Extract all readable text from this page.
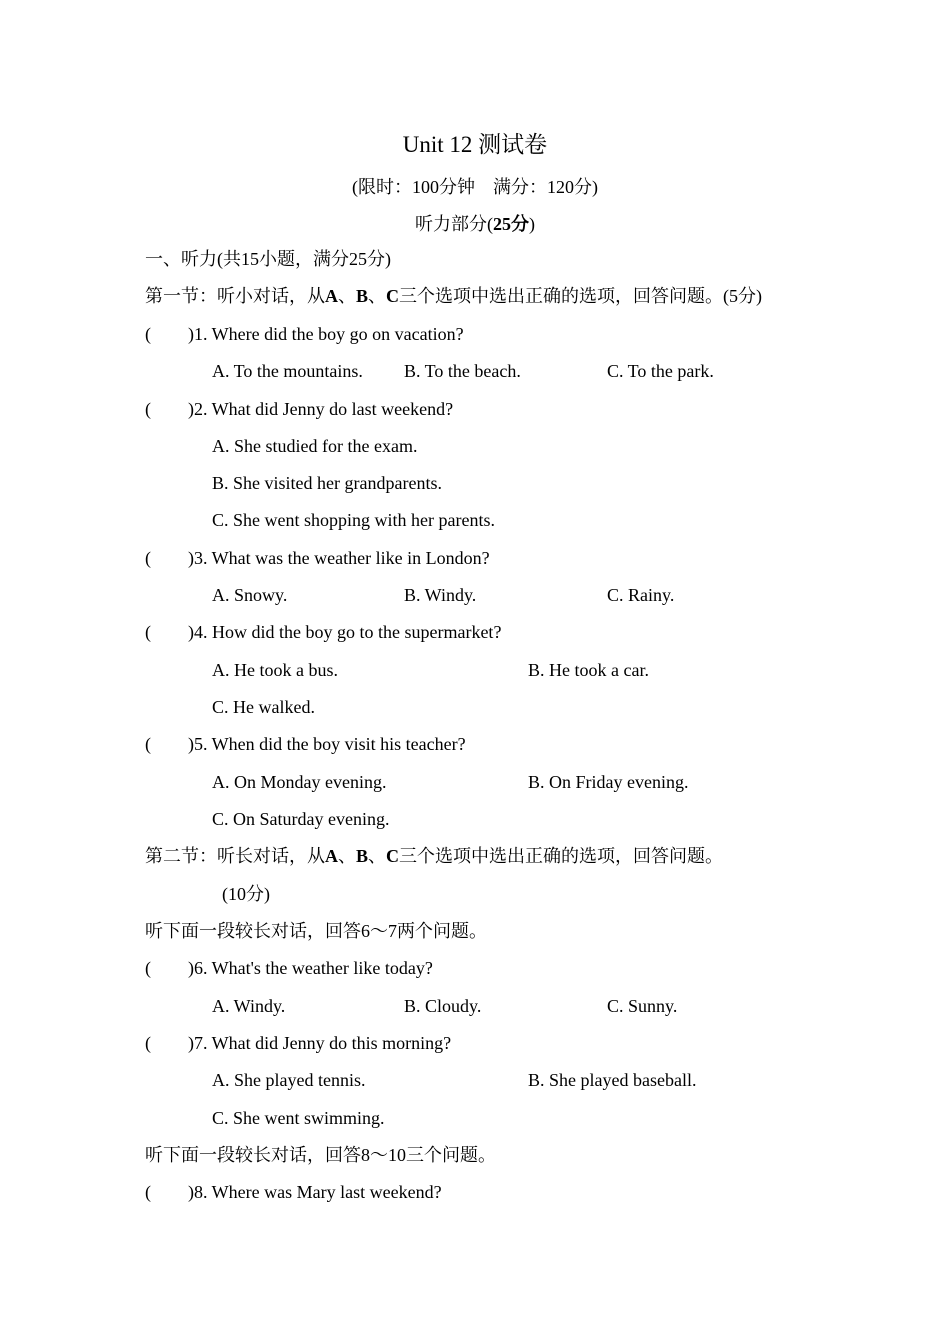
Unit 12 测试卷
(限时：100分钟　满分：120分)
听力部分(25分)
一、听力(共15小题，满分25分)
第一节：听小对话，从A、B、C三个选项中选出正确的选项，回答问题。(5分)
( )1. Where did the boy go on vacation?
A. To the mountains. B. To the beach.	C. To the park.
( )2. What did Jenny do last weekend?
A. She studied for the exam.
B. She visited her grandparents.
C. She went shopping with her parents.
( )3. What was the weather like in London?
A. Snowy.	B. Windy.	C. Rainy.
( )4. How did the boy go to the supermarket?
A. He took a bus.	B. He took a car.
C. He walked.
( )5. When did the boy visit his teacher?
A. On Monday evening.	B. On Friday evening.
C. On Saturday evening.
第二节：听长对话，从A、B、C三个选项中选出正确的选项，回答问题。
(10分)
听下面一段较长对话，回答6～7两个问题。
( )6. What's the weather like today?
A. Windy.	B. Cloudy.	C. Sunny.
( )7. What did Jenny do this morning?
A. She played tennis.	B. She played baseball.
C. She went swimming.
听下面一段较长对话，回答8～10三个问题。
( )8. Where was Mary last weekend?
